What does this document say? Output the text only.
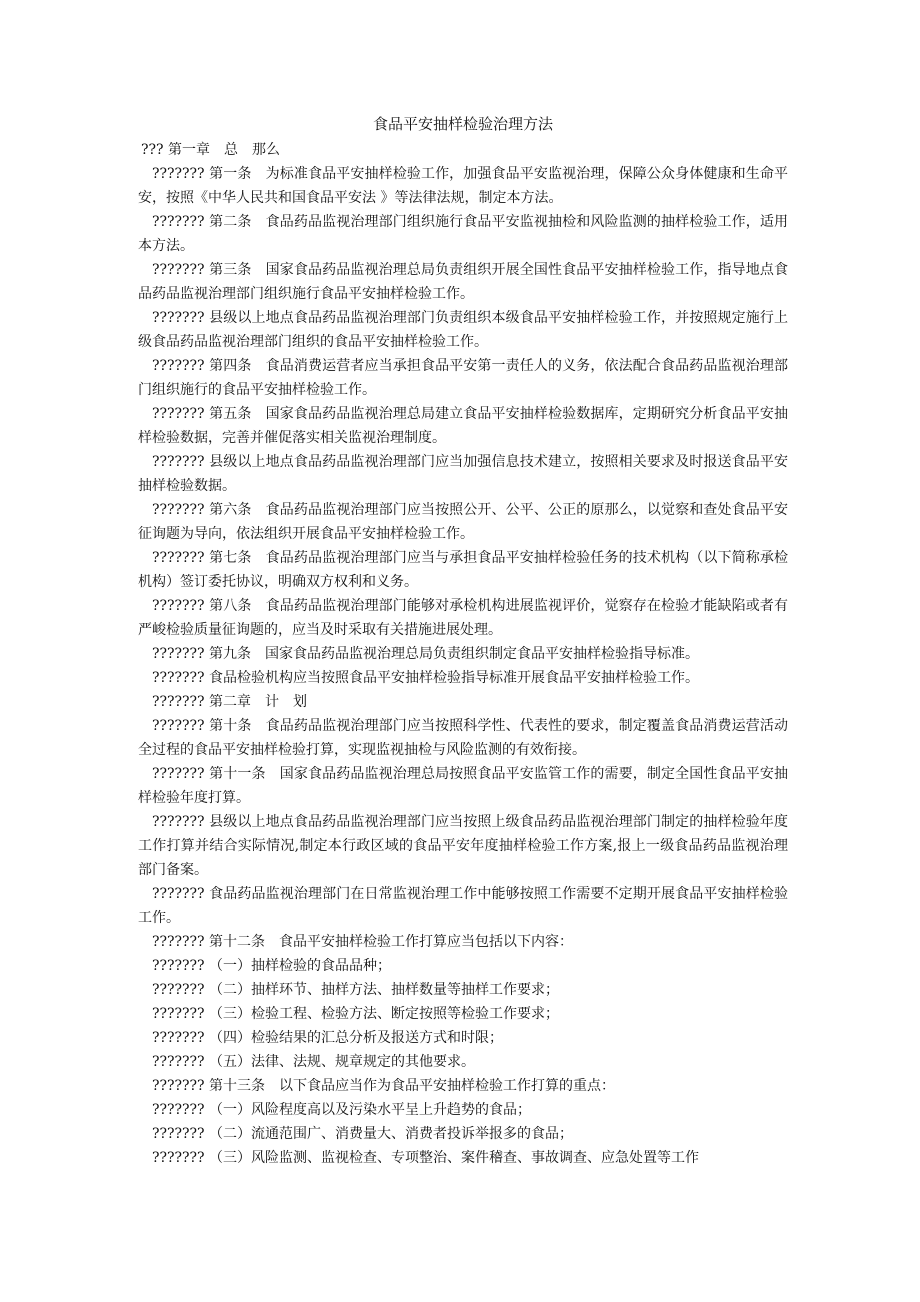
食品平安抽样检验治理方法
??? 第一章　总　那么
??????? 第一条　为标准食品平安抽样检验工作，加强食品平安监视治理，保障公众身体健康和生命平安，按照《中华人民共和国食品平安法 》等法律法规，制定本方法。
??????? 第二条　食品药品监视治理部门组织施行食品平安监视抽检和风险监测的抽样检验工作，适用本方法。
??????? 第三条　国家食品药品监视治理总局负责组织开展全国性食品平安抽样检验工作，指导地点食品药品监视治理部门组织施行食品平安抽样检验工作。
??????? 县级以上地点食品药品监视治理部门负责组织本级食品平安抽样检验工作，并按照规定施行上级食品药品监视治理部门组织的食品平安抽样检验工作。
??????? 第四条　食品消费运营者应当承担食品平安第一责任人的义务，依法配合食品药品监视治理部门组织施行的食品平安抽样检验工作。
??????? 第五条　国家食品药品监视治理总局建立食品平安抽样检验数据库，定期研究分析食品平安抽样检验数据，完善并催促落实相关监视治理制度。
??????? 县级以上地点食品药品监视治理部门应当加强信息技术建立，按照相关要求及时报送食品平安抽样检验数据。
??????? 第六条　食品药品监视治理部门应当按照公开、公平、公正的原那么，以觉察和查处食品平安征询题为导向，依法组织开展食品平安抽样检验工作。
??????? 第七条　食品药品监视治理部门应当与承担食品平安抽样检验任务的技术机构（以下简称承检机构）签订委托协议，明确双方权利和义务。
??????? 第八条　食品药品监视治理部门能够对承检机构进展监视评价，觉察存在检验才能缺陷或者有严峻检验质量征询题的，应当及时采取有关措施进展处理。
??????? 第九条　国家食品药品监视治理总局负责组织制定食品平安抽样检验指导标准。
??????? 食品检验机构应当按照食品平安抽样检验指导标准开展食品平安抽样检验工作。
??????? 第二章　计　划
??????? 第十条　食品药品监视治理部门应当按照科学性、代表性的要求，制定覆盖食品消费运营活动全过程的食品平安抽样检验打算，实现监视抽检与风险监测的有效衔接。
??????? 第十一条　国家食品药品监视治理总局按照食品平安监管工作的需要，制定全国性食品平安抽样检验年度打算。
??????? 县级以上地点食品药品监视治理部门应当按照上级食品药品监视治理部门制定的抽样检验年度工作打算并结合实际情况,制定本行政区域的食品平安年度抽样检验工作方案,报上一级食品药品监视治理部门备案。
??????? 食品药品监视治理部门在日常监视治理工作中能够按照工作需要不定期开展食品平安抽样检验工作。
??????? 第十二条　食品平安抽样检验工作打算应当包括以下内容：
??????? （一）抽样检验的食品品种；
??????? （二）抽样环节、抽样方法、抽样数量等抽样工作要求；
??????? （三）检验工程、检验方法、断定按照等检验工作要求；
??????? （四）检验结果的汇总分析及报送方式和时限；
??????? （五）法律、法规、规章规定的其他要求。
??????? 第十三条　以下食品应当作为食品平安抽样检验工作打算的重点：
??????? （一）风险程度高以及污染水平呈上升趋势的食品；
??????? （二）流通范围广、消费量大、消费者投诉举报多的食品；
??????? （三）风险监测、监视检查、专项整治、案件稽查、事故调查、应急处置等工作
